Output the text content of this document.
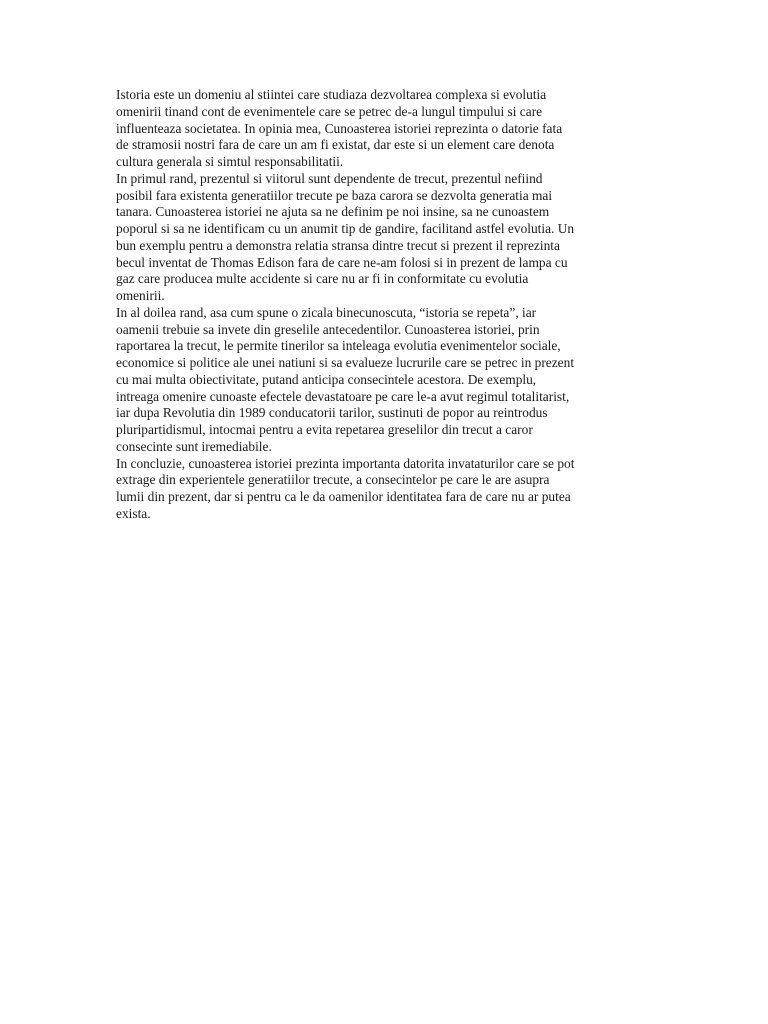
Istoria este un domeniu al stiintei care studiaza dezvoltarea complexa si evolutia
omenirii tinand cont de evenimentele care se petrec de-a lungul timpului si care
influenteaza societatea. In opinia mea, Cunoasterea istoriei reprezinta o datorie fata
de stramosii nostri fara de care un am fi existat, dar este si un element care denota
cultura generala si simtul responsabilitatii.
In primul rand, prezentul si viitorul sunt dependente de trecut, prezentul nefiind
posibil fara existenta generatiilor trecute pe baza carora se dezvolta generatia mai
tanara. Cunoasterea istoriei ne ajuta sa ne definim pe noi insine, sa ne cunoastem
poporul si sa ne identificam cu un anumit tip de gandire, facilitand astfel evolutia. Un
bun exemplu pentru a demonstra relatia stransa dintre trecut si prezent il reprezinta
becul inventat de Thomas Edison fara de care ne-am folosi si in prezent de lampa cu
gaz care producea multe accidente si care nu ar fi in conformitate cu evolutia
omenirii.
In al doilea rand, asa cum spune o zicala binecunoscuta, “istoria se repeta”, iar
oamenii trebuie sa invete din greselile antecedentilor. Cunoasterea istoriei, prin
raportarea la trecut, le permite tinerilor sa inteleaga evolutia evenimentelor sociale,
economice si politice ale unei natiuni si sa evalueze lucrurile care se petrec in prezent
cu mai multa obiectivitate, putand anticipa consecintele acestora. De exemplu,
intreaga omenire cunoaste efectele devastatoare pe care le-a avut regimul totalitarist,
iar dupa Revolutia din 1989 conducatorii tarilor, sustinuti de popor au reintrodus
pluripartidismul, intocmai pentru a evita repetarea greselilor din trecut a caror
consecinte sunt iremediabile.
In concluzie, cunoasterea istoriei prezinta importanta datorita invataturilor care se pot
extrage din experientele generatiilor trecute, a consecintelor pe care le are asupra
lumii din prezent, dar si pentru ca le da oamenilor identitatea fara de care nu ar putea
exista.
